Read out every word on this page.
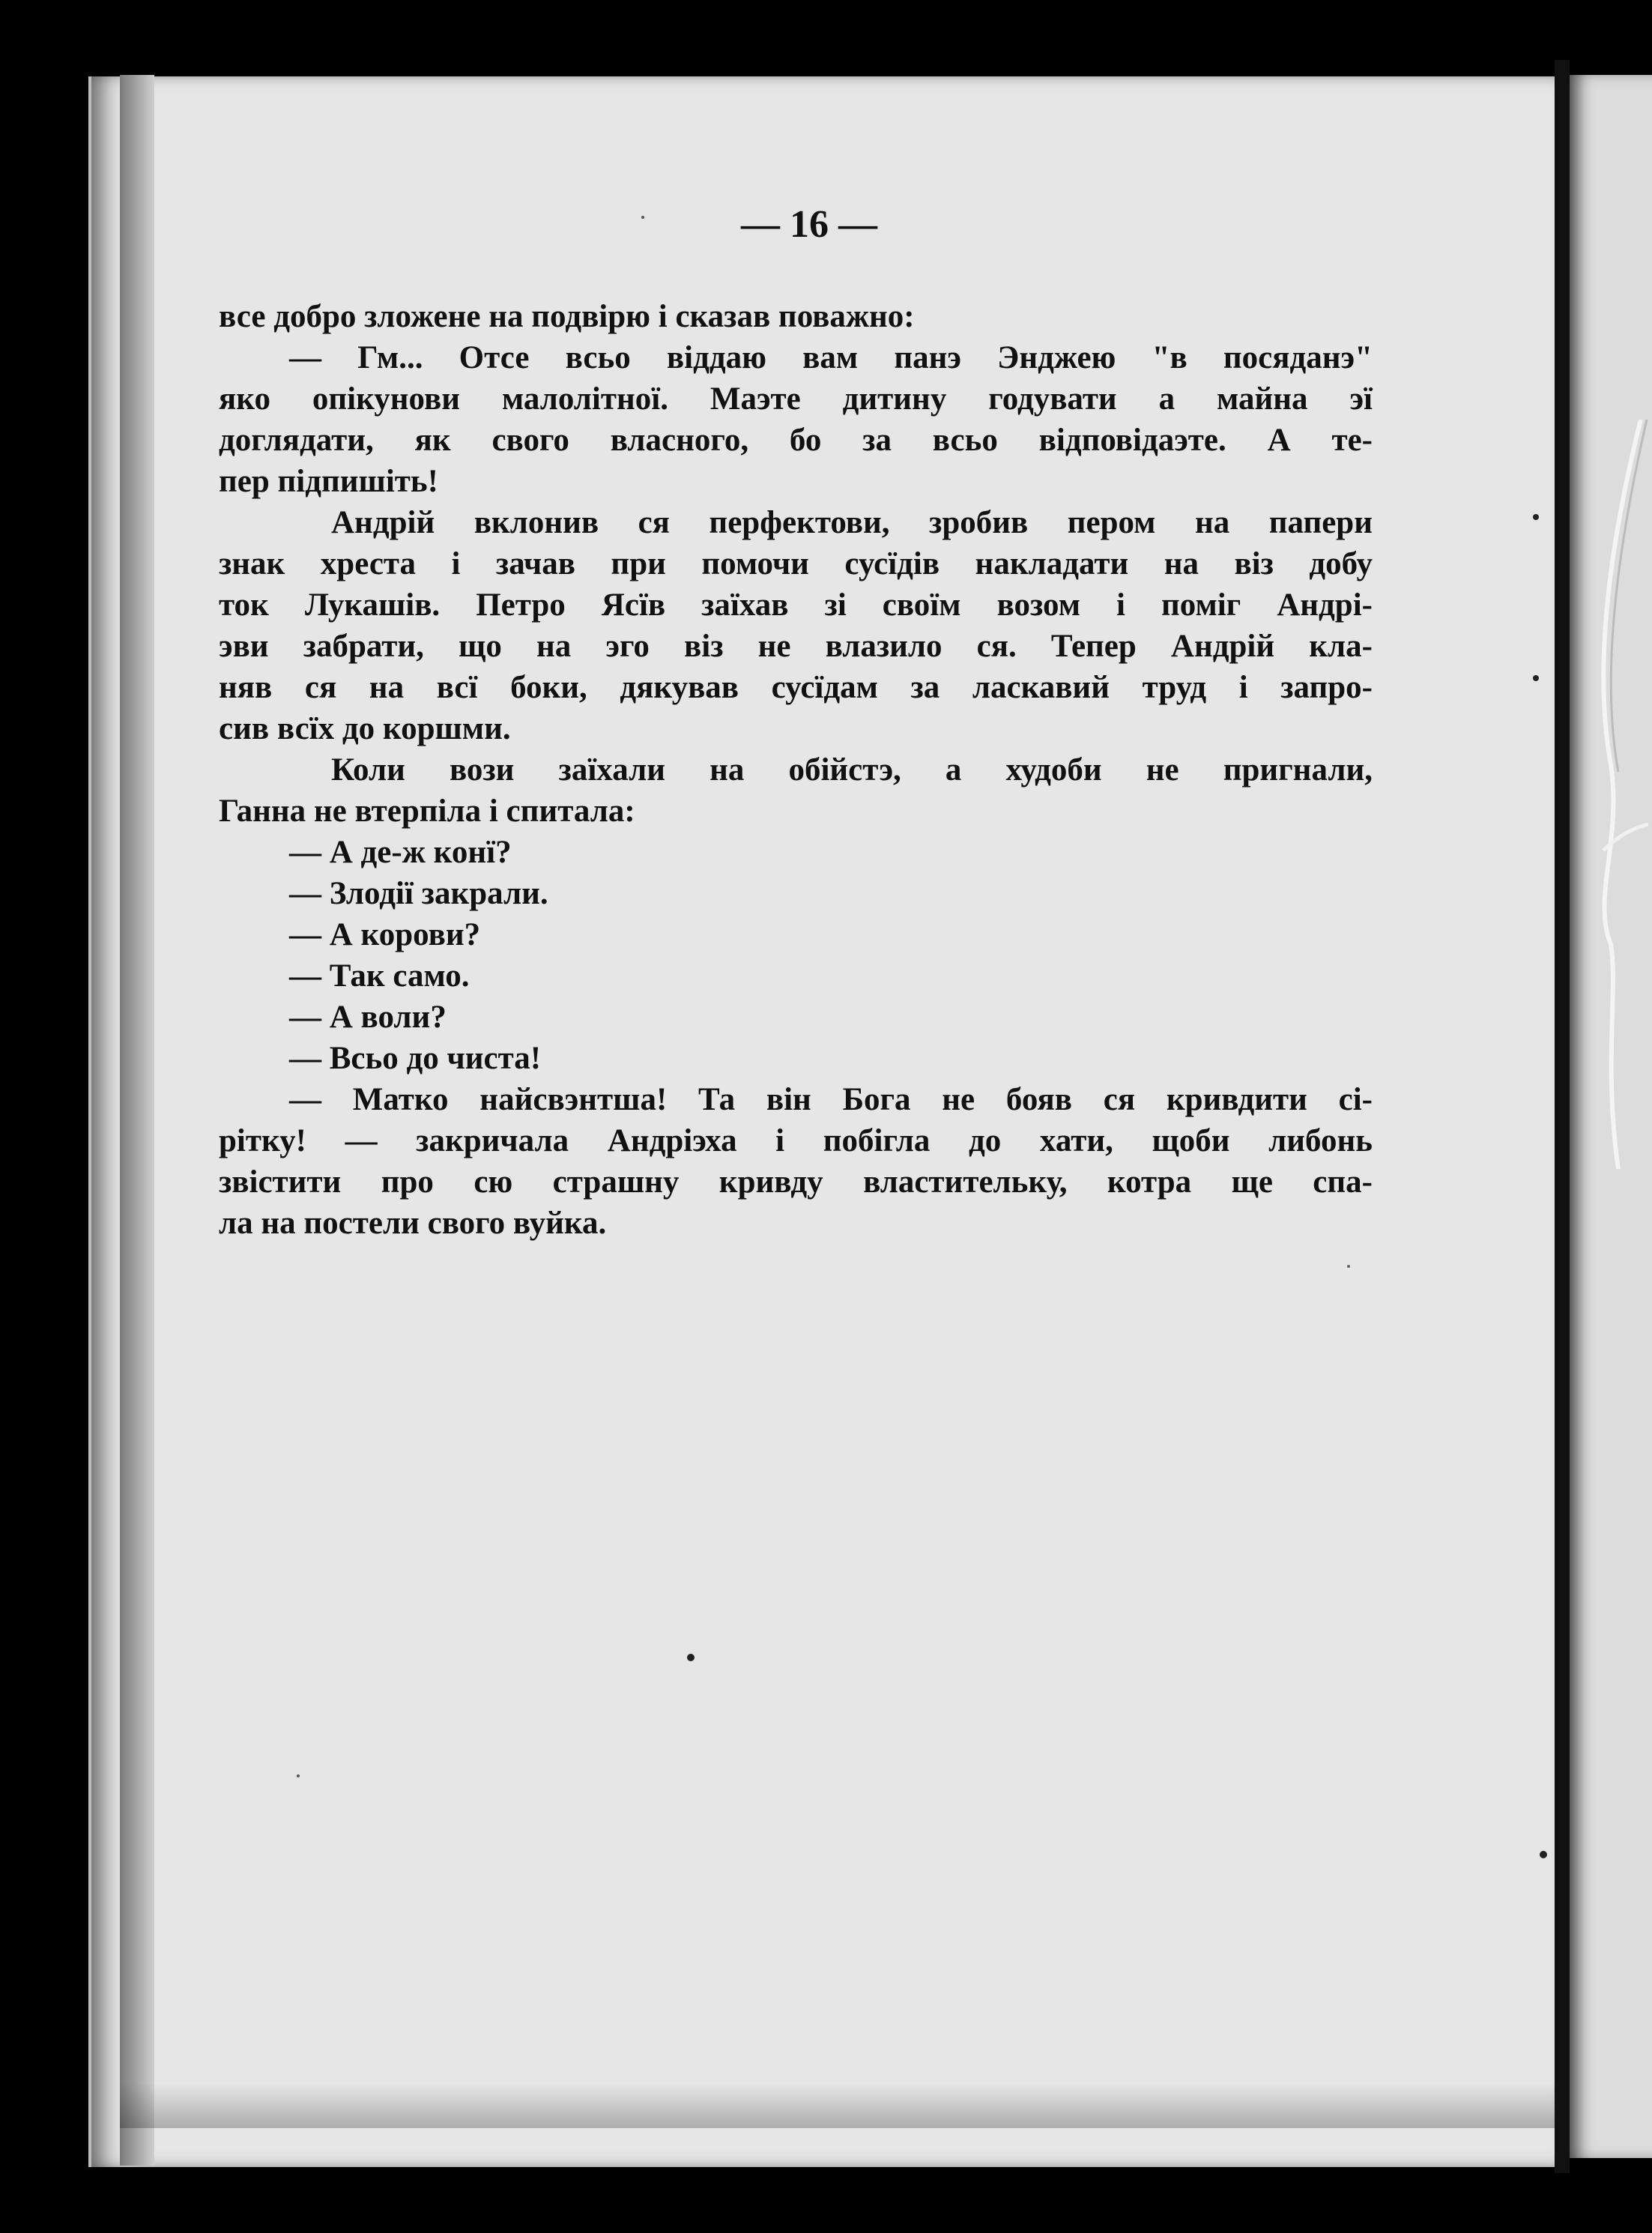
— 16 —
все добро зложене на подвірю і сказав поважно:
— Гм... Отсе всьо віддаю вам панэ Энджею "в посяданэ"
яко опікунови малолітної. Маэте дитину годувати а майна эї
доглядати, як свого власного, бо за всьо відповідаэте. А те-
пер підпишіть!
Андрій вклонив ся перфектови, зробив пером на папери
знак хреста і зачав при помочи сусїдів накладати на віз добу
ток Лукашів. Петро Ясїв заїхав зі своїм возом і поміг Андрі-
эви забрати, що на эго віз не влазило ся. Тепер Андрій кла-
няв ся на всї боки, дякував сусїдам за ласкавий труд і запро-
сив всїх до коршми.
Коли вози заїхали на обійстэ, а худоби не пригнали,
Ганна не втерпіла і спитала:
— А де-ж конї?
— Злодії закрали.
— А корови?
— Так само.
— А воли?
— Всьо до чиста!
— Матко найсвэнтша! Та він Бога не бояв ся кривдити сі-
рітку! — закричала Андріэха і побігла до хати, щоби либонь
звістити про сю страшну кривду властительку, котра ще спа-
ла на постели свого вуйка.
